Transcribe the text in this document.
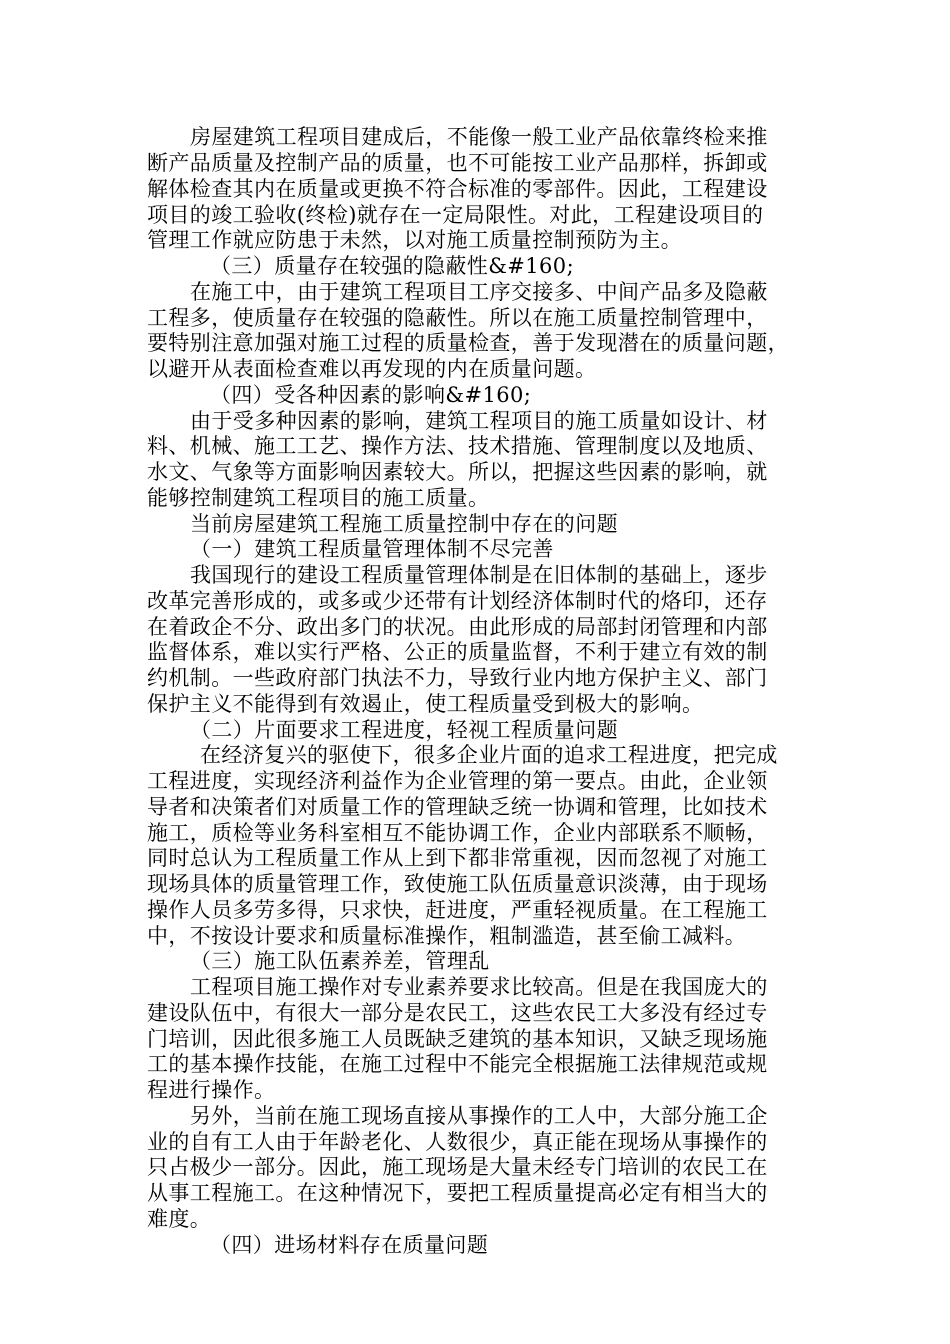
房屋建筑工程项目建成后，不能像一般工业产品依靠终检来推
断产品质量及控制产品的质量，也不可能按工业产品那样，拆卸或
解体检查其内在质量或更换不符合标准的零部件。因此，工程建设
项目的竣工验收(终检)就存在一定局限性。对此，工程建设项目的
管理工作就应防患于未然，以对施工质量控制预防为主。
（三）质量存在较强的隐蔽性&#160;
在施工中，由于建筑工程项目工序交接多、中间产品多及隐蔽
工程多，使质量存在较强的隐蔽性。所以在施工质量控制管理中，
要特别注意加强对施工过程的质量检查，善于发现潜在的质量问题，
以避开从表面检查难以再发现的内在质量问题。
（四）受各种因素的影响&#160;
由于受多种因素的影响，建筑工程项目的施工质量如设计、材
料、机械、施工工艺、操作方法、技术措施、管理制度以及地质、
水文、气象等方面影响因素较大。所以，把握这些因素的影响，就
能够控制建筑工程项目的施工质量。
当前房屋建筑工程施工质量控制中存在的问题
（一）建筑工程质量管理体制不尽完善
我国现行的建设工程质量管理体制是在旧体制的基础上，逐步
改革完善形成的，或多或少还带有计划经济体制时代的烙印，还存
在着政企不分、政出多门的状况。由此形成的局部封闭管理和内部
监督体系，难以实行严格、公正的质量监督，不利于建立有效的制
约机制。一些政府部门执法不力，导致行业内地方保护主义、部门
保护主义不能得到有效遏止，使工程质量受到极大的影响。
（二）片面要求工程进度，轻视工程质量问题
在经济复兴的驱使下，很多企业片面的追求工程进度，把完成
工程进度，实现经济利益作为企业管理的第一要点。由此，企业领
导者和决策者们对质量工作的管理缺乏统一协调和管理，比如技术
施工，质检等业务科室相互不能协调工作，企业内部联系不顺畅，
同时总认为工程质量工作从上到下都非常重视，因而忽视了对施工
现场具体的质量管理工作，致使施工队伍质量意识淡薄，由于现场
操作人员多劳多得，只求快，赶进度，严重轻视质量。在工程施工
中，不按设计要求和质量标准操作，粗制滥造，甚至偷工减料。
（三）施工队伍素养差，管理乱
工程项目施工操作对专业素养要求比较高。但是在我国庞大的
建设队伍中，有很大一部分是农民工，这些农民工大多没有经过专
门培训，因此很多施工人员既缺乏建筑的基本知识，又缺乏现场施
工的基本操作技能，在施工过程中不能完全根据施工法律规范或规
程进行操作。
另外，当前在施工现场直接从事操作的工人中，大部分施工企
业的自有工人由于年龄老化、人数很少，真正能在现场从事操作的
只占极少一部分。因此，施工现场是大量未经专门培训的农民工在
从事工程施工。在这种情况下，要把工程质量提高必定有相当大的
难度。
（四）进场材料存在质量问题
